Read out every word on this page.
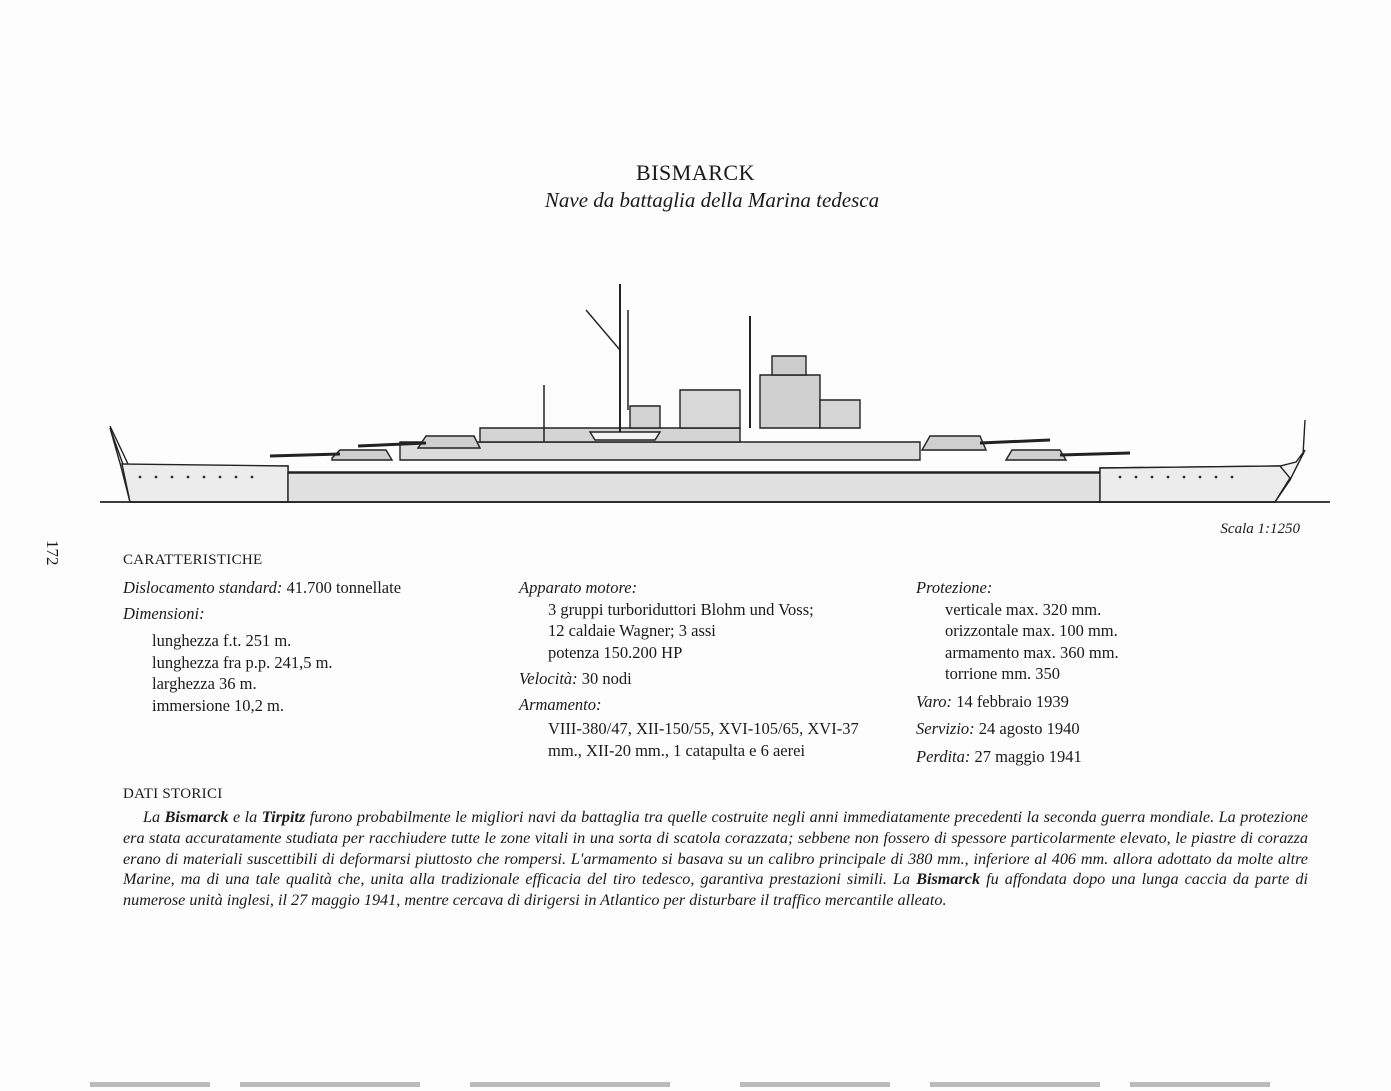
BISMARCK
Nave da battaglia della Marina tedesca
Scala 1:1250
172	CARATTERISTICHE
Dislocamento standard: 41.700 tonnellate
Dimensioni:
lunghezza f.t. 251 m.
lunghezza fra p.p. 241,5 m.
larghezza 36 m.
immersione 10,2 m.
Apparato motore:
3 gruppi turboriduttori Blohm und Voss;
12 caldaie Wagner; 3 assi
potenza 150.200 HP
Velocità: 30 nodi
Armamento:
VIII-380/47, XII-150/55, XVI-105/65, XVI-37
mm., XII-20 mm., 1 catapulta e 6 aerei
Protezione:
verticale max. 320 mm.
orizzontale max. 100 mm.
armamento max. 360 mm.
torrione mm. 350
Varo: 14 febbraio 1939
Servizio: 24 agosto 1940
Perdita: 27 maggio 1941
DATI STORICI
La Bismarck e la Tirpitz furono probabilmente le migliori navi da battaglia tra quelle costruite negli anni immediatamente precedenti la seconda guerra mondiale. La protezione era stata accuratamente studiata per racchiudere tutte le zone vitali in una sorta di scatola corazzata; sebbene non fossero di spessore particolarmente elevato, le piastre di corazza erano di materiali suscettibili di deformarsi piuttosto che rompersi. L'armamento si basava su un calibro principale di 380 mm., inferiore al 406 mm. allora adottato da molte altre Marine, ma di una tale qualità che, unita alla tradizionale efficacia del tiro tedesco, garantiva prestazioni simili. La Bismarck fu affondata dopo una lunga caccia da parte di numerose unità inglesi, il 27 maggio 1941, mentre cercava di dirigersi in Atlantico per disturbare il traffico mercantile alleato.
